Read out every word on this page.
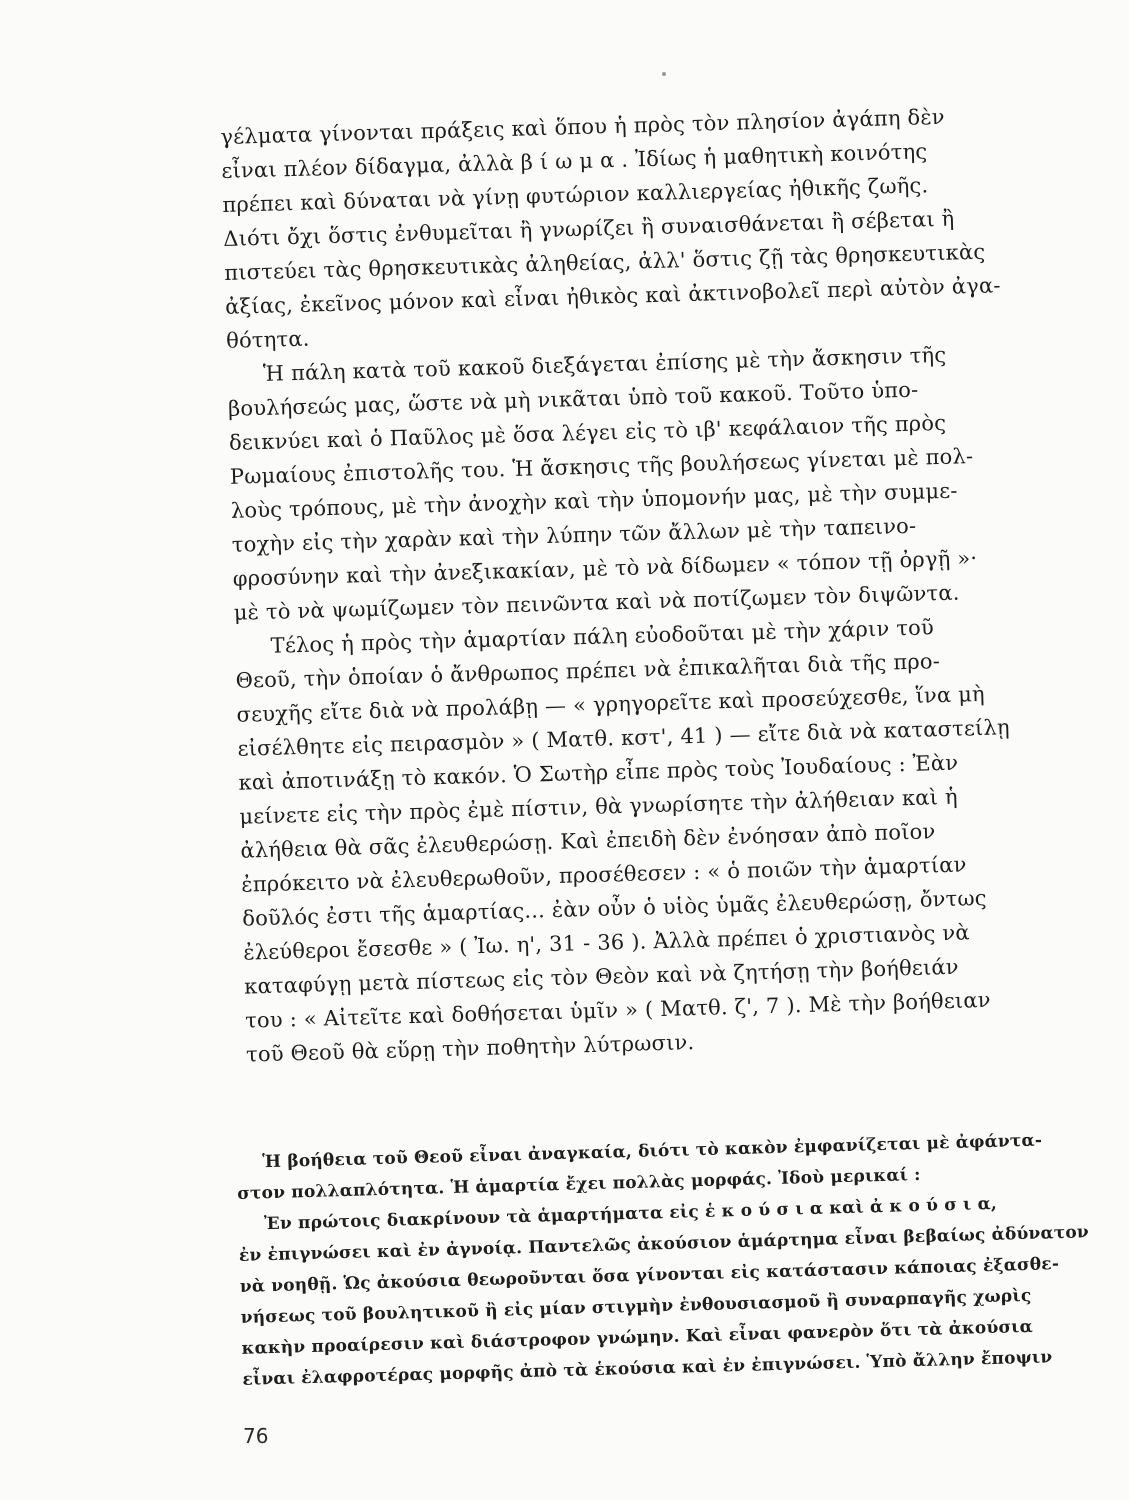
γέλματα γίνονται πράξεις καὶ ὅπου ἡ πρὸς τὸν πλησίον ἀγάπη δὲν
εἶναι πλέον δίδαγμα, ἀλλὰ β ί ω μ α . Ἰδίως ἡ μαθητικὴ κοινότης
πρέπει καὶ δύναται νὰ γίνῃ φυτώριον καλλιεργείας ἠθικῆς ζωῆς.
Διότι ὄχι ὅστις ἐνθυμεῖται ἢ γνωρίζει ἢ συναισθάνεται ἢ σέβεται ἢ
πιστεύει τὰς θρησκευτικὰς ἀληθείας, ἀλλ' ὅστις ζῇ τὰς θρησκευτικὰς
ἀξίας, ἐκεῖνος μόνον καὶ εἶναι ἠθικὸς καὶ ἀκτινοβολεῖ περὶ αὐτὸν ἀγα-
θότητα.
Ἡ πάλη κατὰ τοῦ κακοῦ διεξάγεται ἐπίσης μὲ τὴν ἄσκησιν τῆς
βουλήσεώς μας, ὥστε νὰ μὴ νικᾶται ὑπὸ τοῦ κακοῦ. Τοῦτο ὑπο-
δεικνύει καὶ ὁ Παῦλος μὲ ὅσα λέγει εἰς τὸ ιβ' κεφάλαιον τῆς πρὸς
Ρωμαίους ἐπιστολῆς του. Ἡ ἄσκησις τῆς βουλήσεως γίνεται μὲ πολ-
λοὺς τρόπους, μὲ τὴν ἀνοχὴν καὶ τὴν ὑπομονήν μας, μὲ τὴν συμμε-
τοχὴν εἰς τὴν χαρὰν καὶ τὴν λύπην τῶν ἄλλων μὲ τὴν ταπεινο-
φροσύνην καὶ τὴν ἀνεξικακίαν, μὲ τὸ νὰ δίδωμεν « τόπον τῇ ὀργῇ »·
μὲ τὸ νὰ ψωμίζωμεν τὸν πεινῶντα καὶ νὰ ποτίζωμεν τὸν διψῶντα.
Τέλος ἡ πρὸς τὴν ἁμαρτίαν πάλη εὐοδοῦται μὲ τὴν χάριν τοῦ
Θεοῦ, τὴν ὁποίαν ὁ ἄνθρωπος πρέπει νὰ ἐπικαλῆται διὰ τῆς προ-
σευχῆς εἴτε διὰ νὰ προλάβῃ — « γρηγορεῖτε καὶ προσεύχεσθε, ἵνα μὴ
εἰσέλθητε εἰς πειρασμὸν » ( Ματθ. κστ', 41 ) — εἴτε διὰ νὰ καταστείλῃ
καὶ ἀποτινάξῃ τὸ κακόν. Ὁ Σωτὴρ εἶπε πρὸς τοὺς Ἰουδαίους : Ἐὰν
μείνετε εἰς τὴν πρὸς ἐμὲ πίστιν, θὰ γνωρίσητε τὴν ἀλήθειαν καὶ ἡ
ἀλήθεια θὰ σᾶς ἐλευθερώσῃ. Καὶ ἐπειδὴ δὲν ἐνόησαν ἀπὸ ποῖον
ἐπρόκειτο νὰ ἐλευθερωθοῦν, προσέθεσεν : « ὁ ποιῶν τὴν ἁμαρτίαν
δοῦλός ἐστι τῆς ἁμαρτίας... ἐὰν οὖν ὁ υἱὸς ὑμᾶς ἐλευθερώσῃ, ὄντως
ἐλεύθεροι ἔσεσθε » ( Ἰω. η', 31 - 36 ). Ἀλλὰ πρέπει ὁ χριστιανὸς νὰ
καταφύγῃ μετὰ πίστεως εἰς τὸν Θεὸν καὶ νὰ ζητήσῃ τὴν βοήθειάν
του : « Αἰτεῖτε καὶ δοθήσεται ὑμῖν » ( Ματθ. ζ', 7 ). Μὲ τὴν βοήθειαν
τοῦ Θεοῦ θὰ εὕρῃ τὴν ποθητὴν λύτρωσιν.
Ἡ βοήθεια τοῦ Θεοῦ εἶναι ἀναγκαία, διότι τὸ κακὸν ἐμφανίζεται μὲ ἀφάντα-
στον πολλαπλότητα. Ἡ ἁμαρτία ἔχει πολλὰς μορφάς. Ἰδοὺ μερικαί :
Ἐν πρώτοις διακρίνουν τὰ ἁμαρτήματα εἰς ἑ κ ο ύ σ ι α καὶ ἀ κ ο ύ σ ι α,
ἐν ἐπιγνώσει καὶ ἐν ἀγνοίᾳ. Παντελῶς ἀκούσιον ἁμάρτημα εἶναι βεβαίως ἀδύνατον
νὰ νοηθῇ. Ὡς ἀκούσια θεωροῦνται ὅσα γίνονται εἰς κατάστασιν κάποιας ἐξασθε-
νήσεως τοῦ βουλητικοῦ ἢ εἰς μίαν στιγμὴν ἐνθουσιασμοῦ ἢ συναρπαγῆς χωρὶς
κακὴν προαίρεσιν καὶ διάστροφον γνώμην. Καὶ εἶναι φανερὸν ὅτι τὰ ἀκούσια
εἶναι ἐλαφροτέρας μορφῆς ἀπὸ τὰ ἑκούσια καὶ ἐν ἐπιγνώσει. Ὑπὸ ἄλλην ἔποψιν
76
